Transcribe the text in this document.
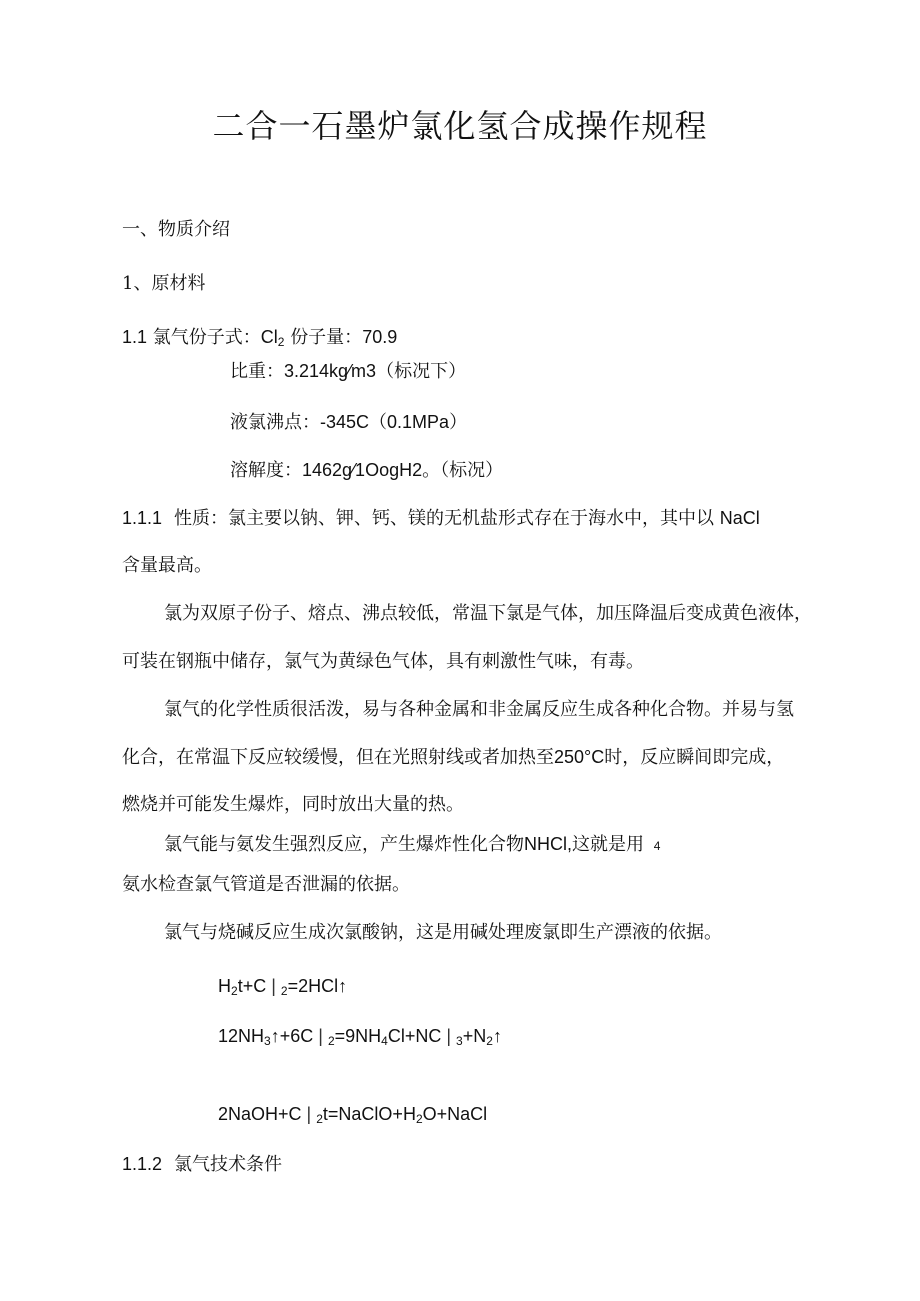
二合一石墨炉氯化氢合成操作规程
一、物质介绍
1、原材料
1.1 氯气份子式：$Cl_2$ 份子量：70.9
比重：3.214kg⁄m3（标况下）
液氯沸点：-345C（0.1MPa）
溶解度：1462g⁄1OogH2。（标况）
1.1.1 性质：氯主要以钠、钾、钙、镁的无机盐形式存在于海水中，其中以 NaCl
含量最高。
氯为双原子份子、熔点、沸点较低，常温下氯是气体，加压降温后变成黄色液体，
可装在钢瓶中储存，氯气为黄绿色气体，具有刺激性气味，有毒。
氯气的化学性质很活泼，易与各种金属和非金属反应生成各种化合物。并易与氢
化合，在常温下反应较缓慢，但在光照射线或者加热至250°C时，反应瞬间即完成，
燃烧并可能发生爆炸，同时放出大量的热。
氯气能与氨发生强烈反应，产生爆炸性化合物NHCl,这就是用 4
氨水检查氯气管道是否泄漏的依据。
氯气与烧碱反应生成次氯酸钠，这是用碱处理废氯即生产漂液的依据。
$H_2t+C$ | $_2$=2HCl↑
$12NH_3↑+6C$ | $_2=9NH_4Cl+NC$ | $_3+N_2↑$
2NaOH+C | $_2t=NaClO+H_2O+NaCl$
1.1.2 氯气技术条件
